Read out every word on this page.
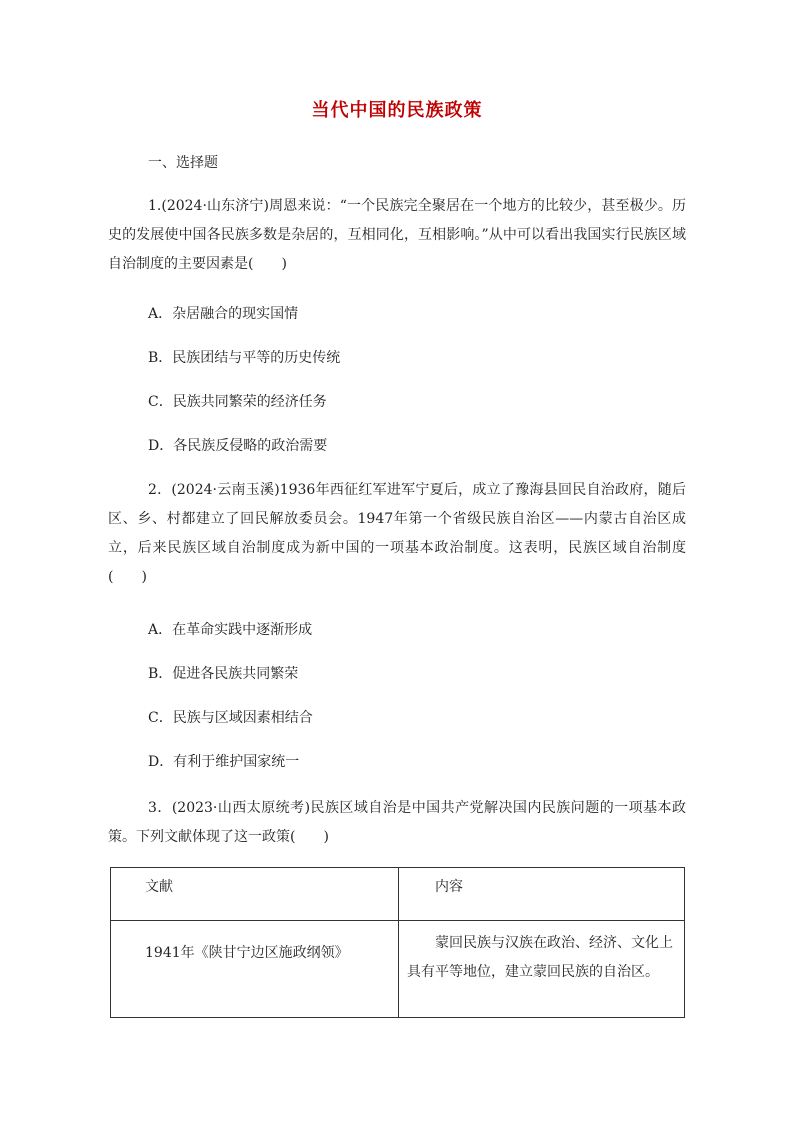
当代中国的民族政策
一、选择题
1.(2024·山东济宁)周恩来说：“一个民族完全聚居在一个地方的比较少，甚至极少。历史的发展使中国各民族多数是杂居的，互相同化，互相影响。”从中可以看出我国实行民族区域自治制度的主要因素是(　　)
A．杂居融合的现实国情
B．民族团结与平等的历史传统
C．民族共同繁荣的经济任务
D．各民族反侵略的政治需要
2．(2024·云南玉溪)1936年西征红军进军宁夏后，成立了豫海县回民自治政府，随后区、乡、村都建立了回民解放委员会。1947年第一个省级民族自治区——内蒙古自治区成立，后来民族区域自治制度成为新中国的一项基本政治制度。这表明，民族区域自治制度(　　)
A．在革命实践中逐渐形成
B．促进各民族共同繁荣
C．民族与区域因素相结合
D．有利于维护国家统一
3．(2023·山西太原统考)民族区域自治是中国共产党解决国内民族问题的一项基本政策。下列文献体现了这一政策(　　)
文献	内容
1941年《陕甘宁边区施政纲领》	蒙回民族与汉族在政治、经济、文化上具有平等地位，建立蒙回民族的自治区。
